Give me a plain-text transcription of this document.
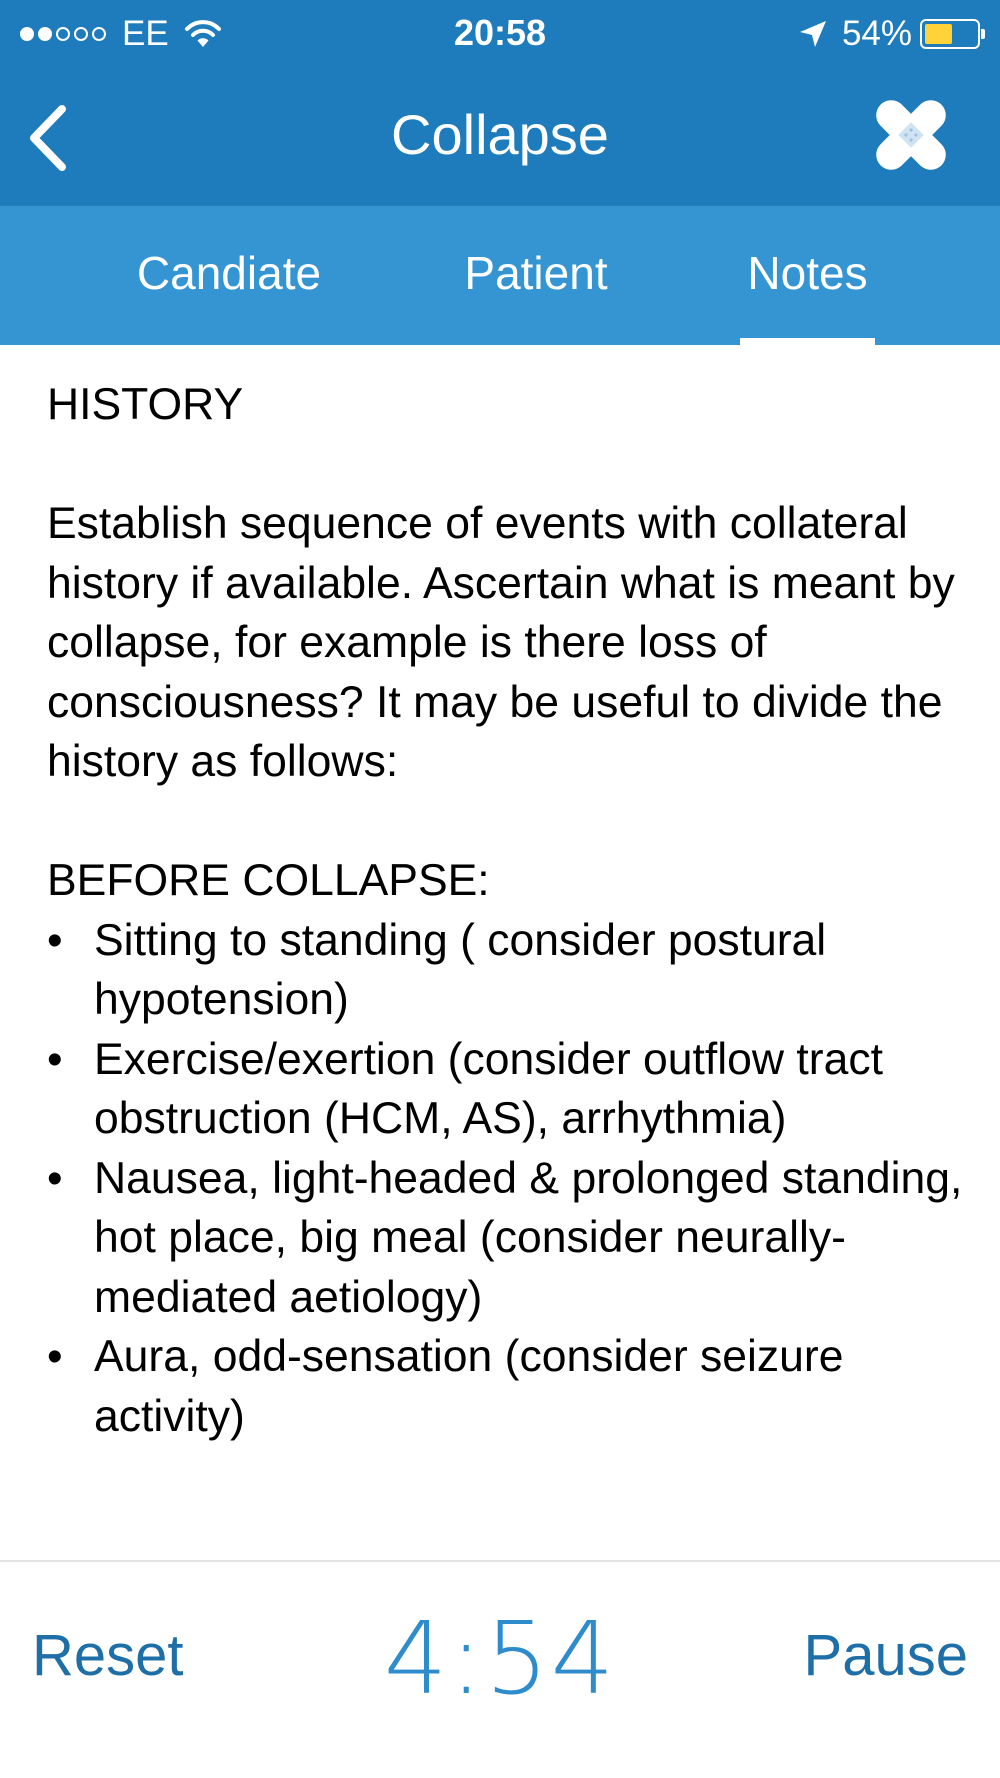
EE	20:58	54%
Collapse
Candiate	Patient	Notes

HISTORY

Establish sequence of events with collateral history if available. Ascertain what is meant by collapse, for example is there loss of consciousness? It may be useful to divide the history as follows:

BEFORE COLLAPSE:

• Sitting to standing ( consider postural hypotension)
• Exercise/exertion (consider outflow tract obstruction (HCM, AS), arrhythmia)
• Nausea, light-headed & prolonged standing, hot place, big meal (consider neurally-mediated aetiology)
• Aura, odd-sensation (consider seizure activity)
Reset	4:54	Pause
